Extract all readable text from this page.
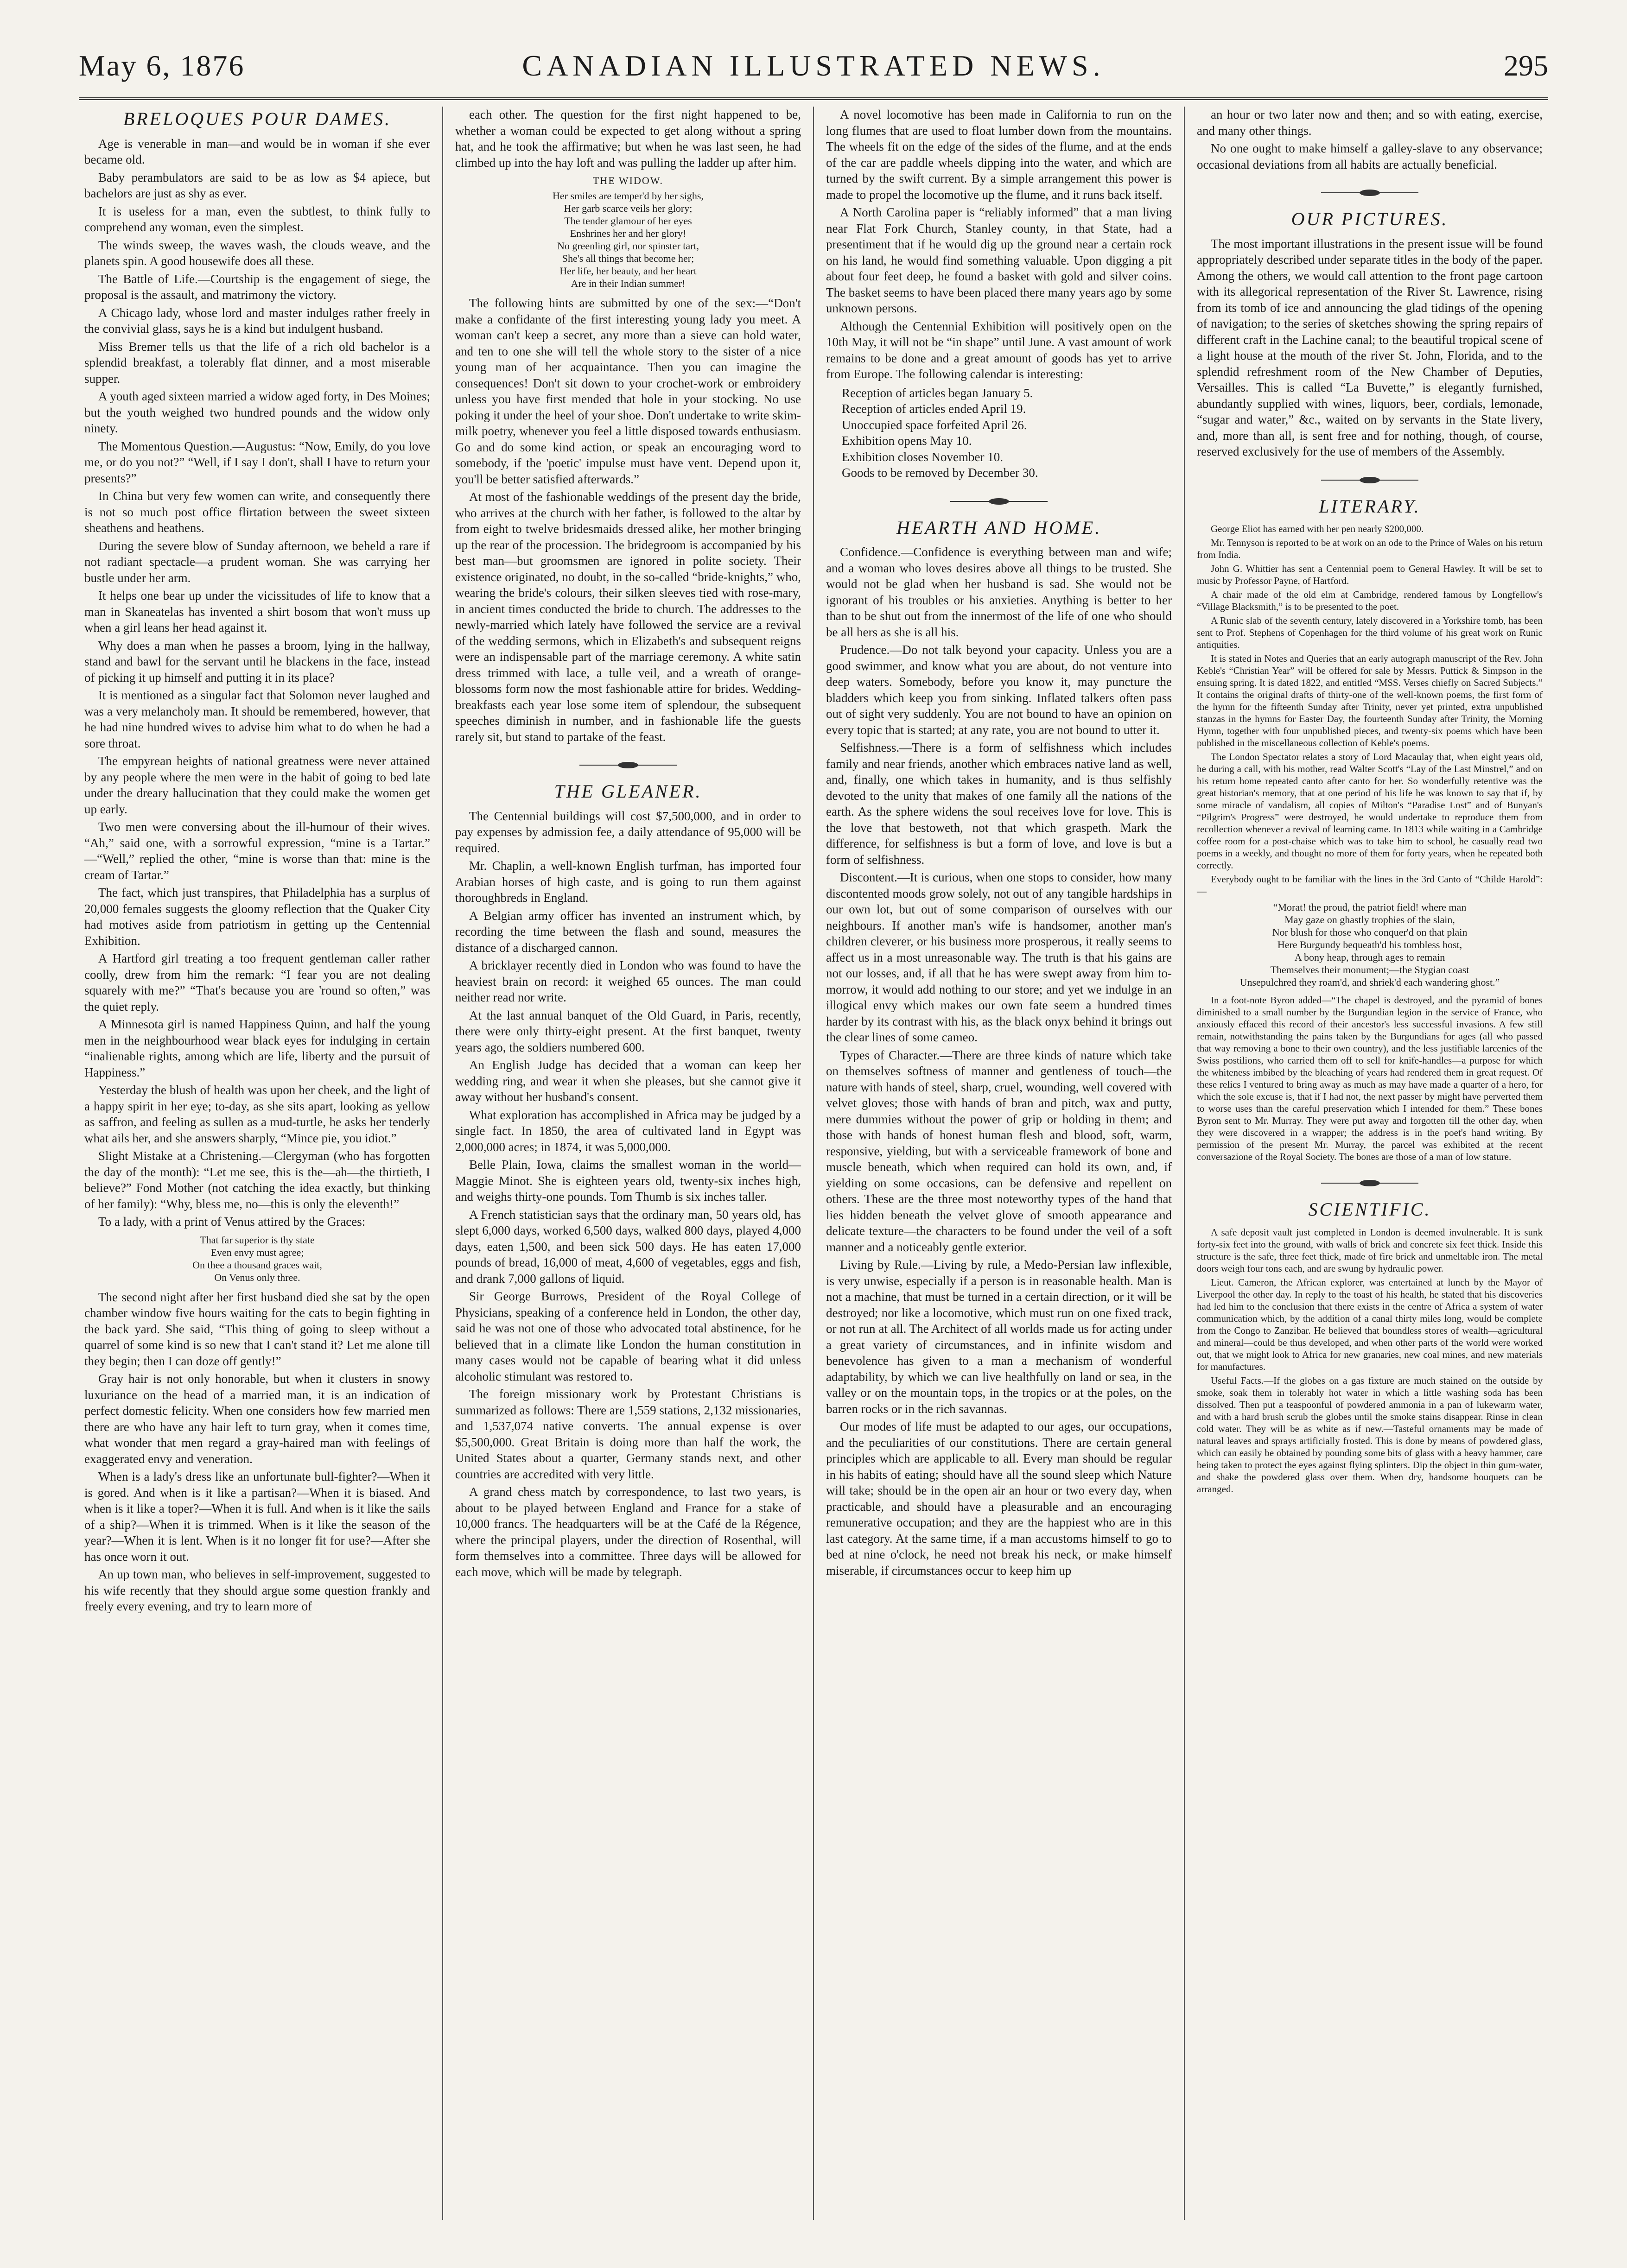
May 6, 1876	CANADIAN ILLUSTRATED NEWS.	295
BRELOQUES POUR DAMES.

Age is venerable in man—and would be in woman if she ever became old.

Baby perambulators are said to be as low as $4 apiece, but bachelors are just as shy as ever.

It is useless for a man, even the subtlest, to think fully to comprehend any woman, even the simplest.

The winds sweep, the waves wash, the clouds weave, and the planets spin. A good housewife does all these.

The Battle of Life.—Courtship is the engagement of siege, the proposal is the assault, and matrimony the victory.

A Chicago lady, whose lord and master indulges rather freely in the convivial glass, says he is a kind but indulgent husband.

Miss Bremer tells us that the life of a rich old bachelor is a splendid breakfast, a tolerably flat dinner, and a most miserable supper.

A youth aged sixteen married a widow aged forty, in Des Moines; but the youth weighed two hundred pounds and the widow only ninety.

The Momentous Question.—Augustus: “Now, Emily, do you love me, or do you not?” “Well, if I say I don't, shall I have to return your presents?”

In China but very few women can write, and consequently there is not so much post office flirtation between the sweet sixteen sheathens and heathens.

During the severe blow of Sunday afternoon, we beheld a rare if not radiant spectacle—a prudent woman. She was carrying her bustle under her arm.

It helps one bear up under the vicissitudes of life to know that a man in Skaneatelas has invented a shirt bosom that won't muss up when a girl leans her head against it.

Why does a man when he passes a broom, lying in the hallway, stand and bawl for the servant until he blackens in the face, instead of picking it up himself and putting it in its place?

It is mentioned as a singular fact that Solomon never laughed and was a very melancholy man. It should be remembered, however, that he had nine hundred wives to advise him what to do when he had a sore throat.

The empyrean heights of national greatness were never attained by any people where the men were in the habit of going to bed late under the dreary hallucination that they could make the women get up early.

Two men were conversing about the ill-humour of their wives. “Ah,” said one, with a sorrowful expression, “mine is a Tartar.” —“Well,” replied the other, “mine is worse than that: mine is the cream of Tartar.”

The fact, which just transpires, that Philadelphia has a surplus of 20,000 females suggests the gloomy reflection that the Quaker City had motives aside from patriotism in getting up the Centennial Exhibition.

A Hartford girl treating a too frequent gentleman caller rather coolly, drew from him the remark: “I fear you are not dealing squarely with me?” “That's because you are 'round so often,” was the quiet reply.

A Minnesota girl is named Happiness Quinn, and half the young men in the neighbourhood wear black eyes for indulging in certain “inalienable rights, among which are life, liberty and the pursuit of Happiness.”

Yesterday the blush of health was upon her cheek, and the light of a happy spirit in her eye; to-day, as she sits apart, looking as yellow as saffron, and feeling as sullen as a mud-turtle, he asks her tenderly what ails her, and she answers sharply, “Mince pie, you idiot.”

Slight Mistake at a Christening.—Clergyman (who has forgotten the day of the month): “Let me see, this is the—ah—the thirtieth, I believe?” Fond Mother (not catching the idea exactly, but thinking of her family): “Why, bless me, no—this is only the eleventh!”

To a lady, with a print of Venus attired by the Graces:

That far superior is thy state
Even envy must agree;
On thee a thousand graces wait,
On Venus only three.

The second night after her first husband died she sat by the open chamber window five hours waiting for the cats to begin fighting in the back yard. She said, “This thing of going to sleep without a quarrel of some kind is so new that I can't stand it? Let me alone till they begin; then I can doze off gently!”

Gray hair is not only honorable, but when it clusters in snowy luxuriance on the head of a married man, it is an indication of perfect domestic felicity. When one considers how few married men there are who have any hair left to turn gray, when it comes time, what wonder that men regard a gray-haired man with feelings of exaggerated envy and veneration.

When is a lady's dress like an unfortunate bull-fighter?—When it is gored. And when is it like a partisan?—When it is biased. And when is it like a toper?—When it is full. And when is it like the sails of a ship?—When it is trimmed. When is it like the season of the year?—When it is lent. When is it no longer fit for use?—After she has once worn it out.

An up town man, who believes in self-improvement, suggested to his wife recently that they should argue some question frankly and freely every evening, and try to learn more of

each other. The question for the first night happened to be, whether a woman could be expected to get along without a spring hat, and he took the affirmative; but when he was last seen, he had climbed up into the hay loft and was pulling the ladder up after him.

THE WIDOW.
Her smiles are temper'd by her sighs,
Her garb scarce veils her glory;
The tender glamour of her eyes
Enshrines her and her glory!
No greenling girl, nor spinster tart,
She's all things that become her;
Her life, her beauty, and her heart
Are in their Indian summer!

The following hints are submitted by one of the sex:—“Don't make a confidante of the first interesting young lady you meet. A woman can't keep a secret, any more than a sieve can hold water, and ten to one she will tell the whole story to the sister of a nice young man of her acquaintance. Then you can imagine the consequences! Don't sit down to your crochet-work or embroidery unless you have first mended that hole in your stocking. No use poking it under the heel of your shoe. Don't undertake to write skim-milk poetry, whenever you feel a little disposed towards enthusiasm. Go and do some kind action, or speak an encouraging word to somebody, if the 'poetic' impulse must have vent. Depend upon it, you'll be better satisfied afterwards.”

At most of the fashionable weddings of the present day the bride, who arrives at the church with her father, is followed to the altar by from eight to twelve bridesmaids dressed alike, her mother bringing up the rear of the procession. The bridegroom is accompanied by his best man—but groomsmen are ignored in polite society. Their existence originated, no doubt, in the so-called “bride-knights,” who, wearing the bride's colours, their silken sleeves tied with rose-mary, in ancient times conducted the bride to church. The addresses to the newly-married which lately have followed the service are a revival of the wedding sermons, which in Elizabeth's and subsequent reigns were an indispensable part of the marriage ceremony. A white satin dress trimmed with lace, a tulle veil, and a wreath of orange-blossoms form now the most fashionable attire for brides. Wedding-breakfasts each year lose some item of splendour, the subsequent speeches diminish in number, and in fashionable life the guests rarely sit, but stand to partake of the feast.

THE GLEANER.

The Centennial buildings will cost $7,500,000, and in order to pay expenses by admission fee, a daily attendance of 95,000 will be required.

Mr. Chaplin, a well-known English turfman, has imported four Arabian horses of high caste, and is going to run them against thoroughbreds in England.

A Belgian army officer has invented an instrument which, by recording the time between the flash and sound, measures the distance of a discharged cannon.

A bricklayer recently died in London who was found to have the heaviest brain on record: it weighed 65 ounces. The man could neither read nor write.

At the last annual banquet of the Old Guard, in Paris, recently, there were only thirty-eight present. At the first banquet, twenty years ago, the soldiers numbered 600.

An English Judge has decided that a woman can keep her wedding ring, and wear it when she pleases, but she cannot give it away without her husband's consent.

What exploration has accomplished in Africa may be judged by a single fact. In 1850, the area of cultivated land in Egypt was 2,000,000 acres; in 1874, it was 5,000,000.

Belle Plain, Iowa, claims the smallest woman in the world—Maggie Minot. She is eighteen years old, twenty-six inches high, and weighs thirty-one pounds. Tom Thumb is six inches taller.

A French statistician says that the ordinary man, 50 years old, has slept 6,000 days, worked 6,500 days, walked 800 days, played 4,000 days, eaten 1,500, and been sick 500 days. He has eaten 17,000 pounds of bread, 16,000 of meat, 4,600 of vegetables, eggs and fish, and drank 7,000 gallons of liquid.

Sir George Burrows, President of the Royal College of Physicians, speaking of a conference held in London, the other day, said he was not one of those who advocated total abstinence, for he believed that in a climate like London the human constitution in many cases would not be capable of bearing what it did unless alcoholic stimulant was restored to.

The foreign missionary work by Protestant Christians is summarized as follows: There are 1,559 stations, 2,132 missionaries, and 1,537,074 native converts. The annual expense is over $5,500,000. Great Britain is doing more than half the work, the United States about a quarter, Germany stands next, and other countries are accredited with very little.

A grand chess match by correspondence, to last two years, is about to be played between England and France for a stake of 10,000 francs. The headquarters will be at the Café de la Régence, where the principal players, under the direction of Rosenthal, will form themselves into a committee. Three days will be allowed for each move, which will be made by telegraph.

A novel locomotive has been made in California to run on the long flumes that are used to float lumber down from the mountains. The wheels fit on the edge of the sides of the flume, and at the ends of the car are paddle wheels dipping into the water, and which are turned by the swift current. By a simple arrangement this power is made to propel the locomotive up the flume, and it runs back itself.

A North Carolina paper is “reliably informed” that a man living near Flat Fork Church, Stanley county, in that State, had a presentiment that if he would dig up the ground near a certain rock on his land, he would find something valuable. Upon digging a pit about four feet deep, he found a basket with gold and silver coins. The basket seems to have been placed there many years ago by some unknown persons.

Although the Centennial Exhibition will positively open on the 10th May, it will not be “in shape” until June. A vast amount of work remains to be done and a great amount of goods has yet to arrive from Europe. The following calendar is interesting:

Reception of articles began January 5.
Reception of articles ended April 19.
Unoccupied space forfeited April 26.
Exhibition opens May 10.
Exhibition closes November 10.
Goods to be removed by December 30.
HEARTH AND HOME.

Confidence.—Confidence is everything between man and wife; and a woman who loves desires above all things to be trusted. She would not be glad when her husband is sad. She would not be ignorant of his troubles or his anxieties. Anything is better to her than to be shut out from the innermost of the life of one who should be all hers as she is all his.

Prudence.—Do not talk beyond your capacity. Unless you are a good swimmer, and know what you are about, do not venture into deep waters. Somebody, before you know it, may puncture the bladders which keep you from sinking. Inflated talkers often pass out of sight very suddenly. You are not bound to have an opinion on every topic that is started; at any rate, you are not bound to utter it.

Selfishness.—There is a form of selfishness which includes family and near friends, another which embraces native land as well, and, finally, one which takes in humanity, and is thus selfishly devoted to the unity that makes of one family all the nations of the earth. As the sphere widens the soul receives love for love. This is the love that bestoweth, not that which graspeth. Mark the difference, for selfishness is but a form of love, and love is but a form of selfishness.

Discontent.—It is curious, when one stops to consider, how many discontented moods grow solely, not out of any tangible hardships in our own lot, but out of some comparison of ourselves with our neighbours. If another man's wife is handsomer, another man's children cleverer, or his business more prosperous, it really seems to affect us in a most unreasonable way. The truth is that his gains are not our losses, and, if all that he has were swept away from him to-morrow, it would add nothing to our store; and yet we indulge in an illogical envy which makes our own fate seem a hundred times harder by its contrast with his, as the black onyx behind it brings out the clear lines of some cameo.

Types of Character.—There are three kinds of nature which take on themselves softness of manner and gentleness of touch—the nature with hands of steel, sharp, cruel, wounding, well covered with velvet gloves; those with hands of bran and pitch, wax and putty, mere dummies without the power of grip or holding in them; and those with hands of honest human flesh and blood, soft, warm, responsive, yielding, but with a serviceable framework of bone and muscle beneath, which when required can hold its own, and, if yielding on some occasions, can be defensive and repellent on others. These are the three most noteworthy types of the hand that lies hidden beneath the velvet glove of smooth appearance and delicate texture—the characters to be found under the veil of a soft manner and a noticeably gentle exterior.

Living by Rule.—Living by rule, a Medo-Persian law inflexible, is very unwise, especially if a person is in reasonable health. Man is not a machine, that must be turned in a certain direction, or it will be destroyed; nor like a locomotive, which must run on one fixed track, or not run at all. The Architect of all worlds made us for acting under a great variety of circumstances, and in infinite wisdom and benevolence has given to a man a mechanism of wonderful adaptability, by which we can live healthfully on land or sea, in the valley or on the mountain tops, in the tropics or at the poles, on the barren rocks or in the rich savannas.

Our modes of life must be adapted to our ages, our occupations, and the peculiarities of our constitutions. There are certain general principles which are applicable to all. Every man should be regular in his habits of eating; should have all the sound sleep which Nature will take; should be in the open air an hour or two every day, when practicable, and should have a pleasurable and an encouraging remunerative occupation; and they are the happiest who are in this last category. At the same time, if a man accustoms himself to go to bed at nine o'clock, he need not break his neck, or make himself miserable, if circumstances occur to keep him up

an hour or two later now and then; and so with eating, exercise, and many other things.

No one ought to make himself a galley-slave to any observance; occasional deviations from all habits are actually beneficial.

OUR PICTURES.

The most important illustrations in the present issue will be found appropriately described under separate titles in the body of the paper. Among the others, we would call attention to the front page cartoon with its allegorical representation of the River St. Lawrence, rising from its tomb of ice and announcing the glad tidings of the opening of navigation; to the series of sketches showing the spring repairs of different craft in the Lachine canal; to the beautiful tropical scene of a light house at the mouth of the river St. John, Florida, and to the splendid refreshment room of the New Chamber of Deputies, Versailles. This is called “La Buvette,” is elegantly furnished, abundantly supplied with wines, liquors, beer, cordials, lemonade, “sugar and water,” &c., waited on by servants in the State livery, and, more than all, is sent free and for nothing, though, of course, reserved exclusively for the use of members of the Assembly.

LITERARY.

George Eliot has earned with her pen nearly $200,000.

Mr. Tennyson is reported to be at work on an ode to the Prince of Wales on his return from India.

John G. Whittier has sent a Centennial poem to General Hawley. It will be set to music by Professor Payne, of Hartford.

A chair made of the old elm at Cambridge, rendered famous by Longfellow's “Village Blacksmith,” is to be presented to the poet.

A Runic slab of the seventh century, lately discovered in a Yorkshire tomb, has been sent to Prof. Stephens of Copenhagen for the third volume of his great work on Runic antiquities.

It is stated in Notes and Queries that an early autograph manuscript of the Rev. John Keble's “Christian Year” will be offered for sale by Messrs. Puttick & Simpson in the ensuing spring. It is dated 1822, and entitled “MSS. Verses chiefly on Sacred Subjects.” It contains the original drafts of thirty-one of the well-known poems, the first form of the hymn for the fifteenth Sunday after Trinity, never yet printed, extra unpublished stanzas in the hymns for Easter Day, the fourteenth Sunday after Trinity, the Morning Hymn, together with four unpublished pieces, and twenty-six poems which have been published in the miscellaneous collection of Keble's poems.

The London Spectator relates a story of Lord Macaulay that, when eight years old, he during a call, with his mother, read Walter Scott's “Lay of the Last Minstrel,” and on his return home repeated canto after canto for her. So wonderfully retentive was the great historian's memory, that at one period of his life he was known to say that if, by some miracle of vandalism, all copies of Milton's “Paradise Lost” and of Bunyan's “Pilgrim's Progress” were destroyed, he would undertake to reproduce them from recollection whenever a revival of learning came. In 1813 while waiting in a Cambridge coffee room for a post-chaise which was to take him to school, he casually read two poems in a weekly, and thought no more of them for forty years, when he repeated both correctly.

Everybody ought to be familiar with the lines in the 3rd Canto of “Childe Harold”:—

“Morat! the proud, the patriot field! where man
May gaze on ghastly trophies of the slain,
Nor blush for those who conquer'd on that plain
Here Burgundy bequeath'd his tombless host,
A bony heap, through ages to remain
Themselves their monument;—the Stygian coast
Unsepulchred they roam'd, and shriek'd each wandering ghost.”

In a foot-note Byron added—“The chapel is destroyed, and the pyramid of bones diminished to a small number by the Burgundian legion in the service of France, who anxiously effaced this record of their ancestor's less successful invasions. A few still remain, notwithstanding the pains taken by the Burgundians for ages (all who passed that way removing a bone to their own country), and the less justifiable larcenies of the Swiss postilions, who carried them off to sell for knife-handles—a purpose for which the whiteness imbibed by the bleaching of years had rendered them in great request. Of these relics I ventured to bring away as much as may have made a quarter of a hero, for which the sole excuse is, that if I had not, the next passer by might have perverted them to worse uses than the careful preservation which I intended for them.” These bones Byron sent to Mr. Murray. They were put away and forgotten till the other day, when they were discovered in a wrapper; the address is in the poet's hand writing. By permission of the present Mr. Murray, the parcel was exhibited at the recent conversazione of the Royal Society. The bones are those of a man of low stature.

SCIENTIFIC.

A safe deposit vault just completed in London is deemed invulnerable. It is sunk forty-six feet into the ground, with walls of brick and concrete six feet thick. Inside this structure is the safe, three feet thick, made of fire brick and unmeltable iron. The metal doors weigh four tons each, and are swung by hydraulic power.

Lieut. Cameron, the African explorer, was entertained at lunch by the Mayor of Liverpool the other day. In reply to the toast of his health, he stated that his discoveries had led him to the conclusion that there exists in the centre of Africa a system of water communication which, by the addition of a canal thirty miles long, would be complete from the Congo to Zanzibar. He believed that boundless stores of wealth—agricultural and mineral—could be thus developed, and when other parts of the world were worked out, that we might look to Africa for new granaries, new coal mines, and new materials for manufactures.

Useful Facts.—If the globes on a gas fixture are much stained on the outside by smoke, soak them in tolerably hot water in which a little washing soda has been dissolved. Then put a teaspoonful of powdered ammonia in a pan of lukewarm water, and with a hard brush scrub the globes until the smoke stains disappear. Rinse in clean cold water. They will be as white as if new.—Tasteful ornaments may be made of natural leaves and sprays artificially frosted. This is done by means of powdered glass, which can easily be obtained by pounding some bits of glass with a heavy hammer, care being taken to protect the eyes against flying splinters. Dip the object in thin gum-water, and shake the powdered glass over them. When dry, handsome bouquets can be arranged.
